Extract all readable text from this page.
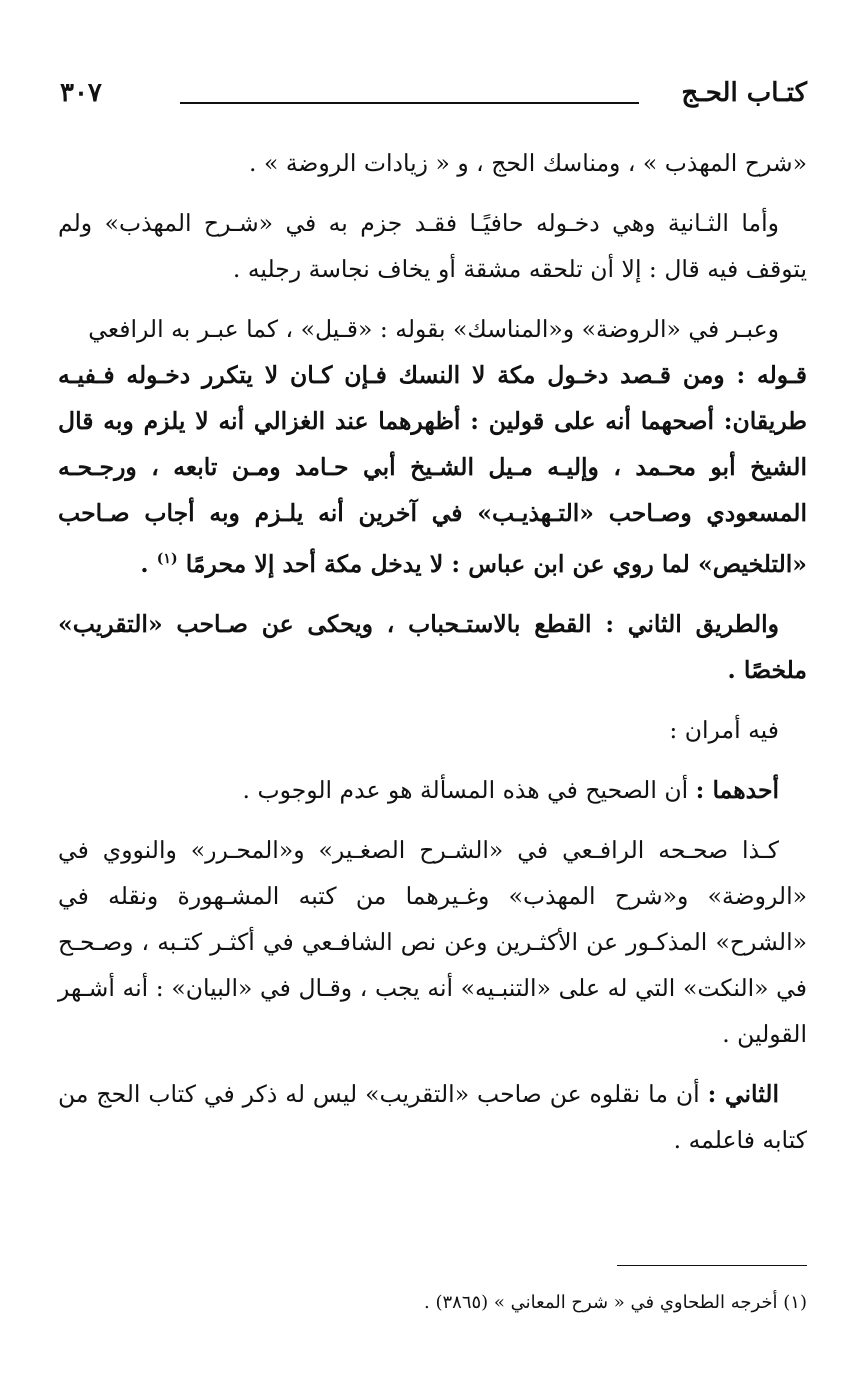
كتـاب الحـج
٣٠٧

«شرح المهذب » ، ومناسك الحج ، و « زيادات الروضة » .

وأما الثـانية وهي دخـوله حافيًـا فقـد جزم به في «شـرح المهذب» ولم يتوقف فيه قال : إلا أن تلحقه مشقة أو يخاف نجاسة رجليه .

وعبـر في «الروضة» و«المناسك» بقوله : «قـيل» ، كما عبـر به الرافعي

قـوله : ومن قـصد دخـول مكة لا النسك فـإن كـان لا يتكرر دخـوله فـفيـه طريقان: أصحهما أنه على قولين : أظهرهما عند الغزالي أنه لا يلزم وبه قال الشيخ أبو محـمد ، وإليـه مـيل الشـيخ أبي حـامد ومـن تابعه ، ورجـحـه المسعودي وصـاحب «التـهذيـب» في آخرين أنه يلـزم وبه أجاب صـاحب «التلخيص» لما روي عن ابن عباس : لا يدخل مكة أحد إلا محرمًا $^{(١)}$ .

والطريق الثاني : القطع بالاستـحباب ، ويحكى عن صـاحب «التقريب» ملخصًا .

فيه أمران :

أحدهما : أن الصحيح في هذه المسألة هو عدم الوجوب .

كـذا صحـحه الرافـعي في «الشـرح الصغـير» و«المحـرر» والنووي في «الروضة» و«شرح المهذب» وغـيرهما من كتبه المشـهورة ونقله في «الشرح» المذكـور عن الأكثـرين وعن نص الشافـعي في أكثـر كتـبه ، وصـحـح في «النكت» التي له على «التنبـيه» أنه يجب ، وقـال في «البيان» : أنه أشـهر القولين .

الثاني : أن ما نقلوه عن صاحب «التقريب» ليس له ذكر في كتاب الحج من كتابه فاعلمه .

(١) أخرجه الطحاوي في « شرح المعاني » (٣٨٦٥) .
